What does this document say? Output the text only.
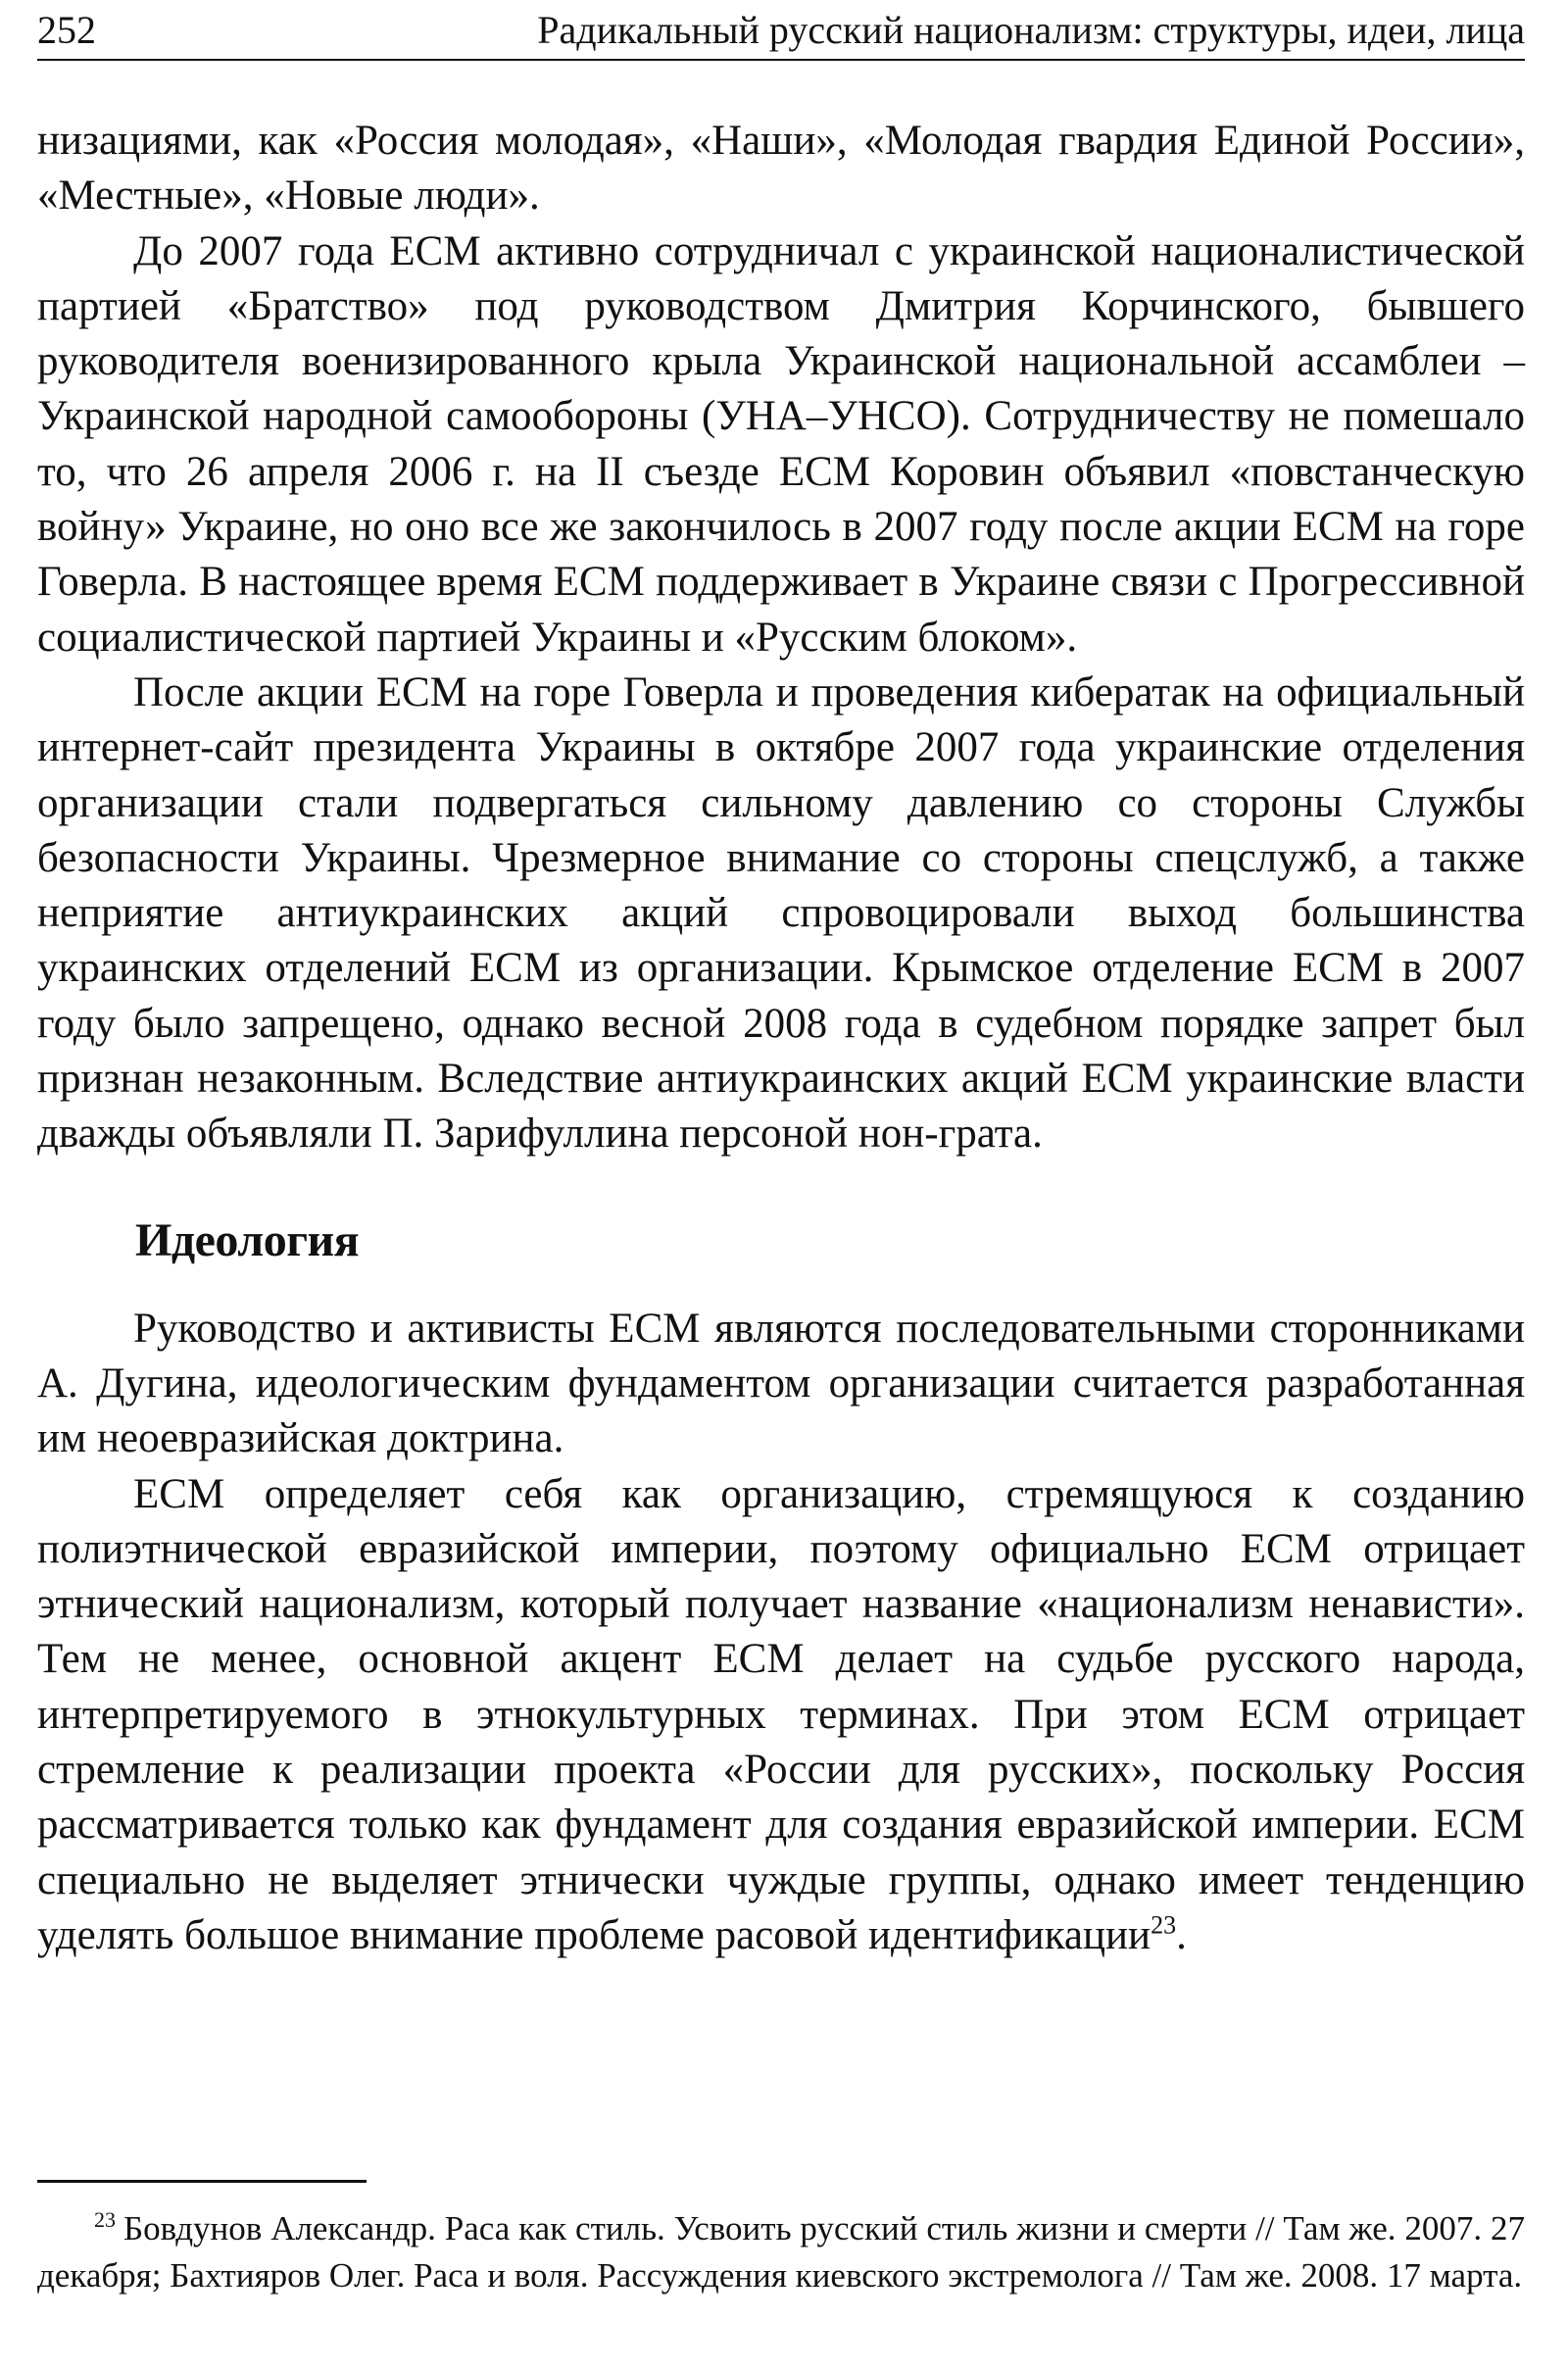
252	Радикальный русский национализм: структуры, идеи, лица

низациями, как «Россия молодая», «Наши», «Молодая гвардия Единой России», «Местные», «Новые люди».

До 2007 года ЕСМ активно сотрудничал с украинской националистической партией «Братство» под руководством Дмитрия Корчинского, бывшего руководителя военизированного крыла Украинской национальной ассамблеи – Украинской народной самообороны (УНА–УНСО). Сотрудничеству не помешало то, что 26 апреля 2006 г. на II съезде ЕСМ Коровин объявил «повстанческую войну» Украине, но оно все же закончилось в 2007 году после акции ЕСМ на горе Говерла. В настоящее время ЕСМ поддерживает в Украине связи с Прогрессивной социалистической партией Украины и «Русским блоком».

После акции ЕСМ на горе Говерла и проведения кибератак на официальный интернет-сайт президента Украины в октябре 2007 года украинские отделения организации стали подвергаться сильному давлению со стороны Службы безопасности Украины. Чрезмерное внимание со стороны спецслужб, а также неприятие антиукраинских акций спровоцировали выход большинства украинских отделений ЕСМ из организации. Крымское отделение ЕСМ в 2007 году было запрещено, однако весной 2008 года в судебном порядке запрет был признан незаконным. Вследствие антиукраинских акций ЕСМ украинские власти дважды объявляли П. Зарифуллина персоной нон-грата.

Идеология

Руководство и активисты ЕСМ являются последовательными сторонниками А. Дугина, идеологическим фундаментом организации считается разработанная им неоевразийская доктрина.

ЕСМ определяет себя как организацию, стремящуюся к созданию полиэтнической евразийской империи, поэтому официально ЕСМ отрицает этнический национализм, который получает название «национализм ненависти». Тем не менее, основной акцент ЕСМ делает на судьбе русского народа, интерпретируемого в этнокультурных терминах. При этом ЕСМ отрицает стремление к реализации проекта «России для русских», поскольку Россия рассматривается только как фундамент для создания евразийской империи. ЕСМ специально не выделяет этнически чуждые группы, однако имеет тенденцию уделять большое внимание проблеме расовой идентификации$^{23}$.

$^{23}$ Бовдунов Александр. Раса как стиль. Усвоить русский стиль жизни и смерти // Там же. 2007. 27 декабря; Бахтияров Олег. Раса и воля. Рассуждения киевского экстремолога // Там же. 2008. 17 марта.
